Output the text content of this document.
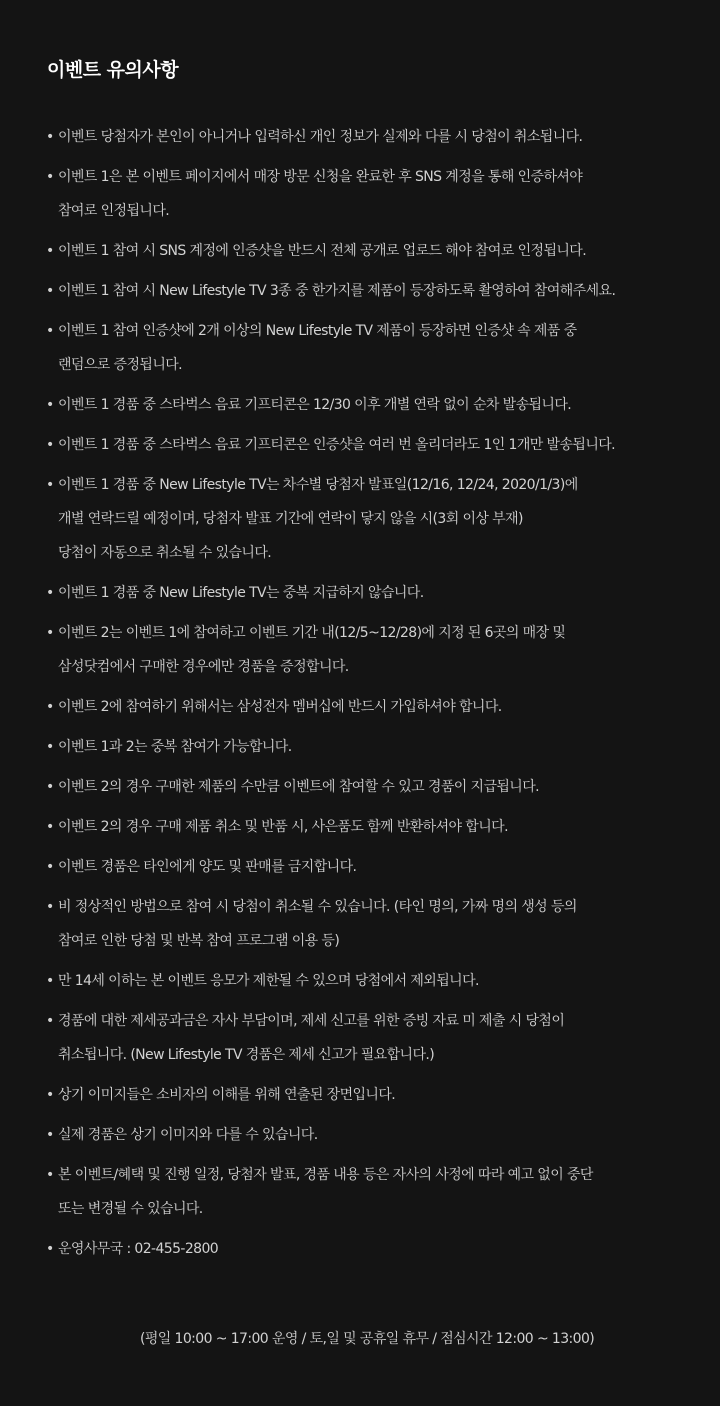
이벤트 유의사항
• 이벤트 당첨자가 본인이 아니거나 입력하신 개인 정보가 실제와 다를 시 당첨이 취소됩니다.
• 이벤트 1은 본 이벤트 페이지에서 매장 방문 신청을 완료한 후 SNS 계정을 통해 인증하셔야
참여로 인정됩니다.
• 이벤트 1 참여 시 SNS 계정에 인증샷을 반드시 전체 공개로 업로드 해야 참여로 인정됩니다.
• 이벤트 1 참여 시 New Lifestyle TV 3종 중 한가지를 제품이 등장하도록 촬영하여 참여해주세요.
• 이벤트 1 참여 인증샷에 2개 이상의 New Lifestyle TV 제품이 등장하면 인증샷 속 제품 중
랜덤으로 증정됩니다.
• 이벤트 1 경품 중 스타벅스 음료 기프티콘은 12/30 이후 개별 연락 없이 순차 발송됩니다.
• 이벤트 1 경품 중 스타벅스 음료 기프티콘은 인증샷을 여러 번 올리더라도 1인 1개만 발송됩니다.
• 이벤트 1 경품 중 New Lifestyle TV는 차수별 당첨자 발표일(12/16, 12/24, 2020/1/3)에
개별 연락드릴 예정이며, 당첨자 발표 기간에 연락이 닿지 않을 시(3회 이상 부재)
당첨이 자동으로 취소될 수 있습니다.
• 이벤트 1 경품 중 New Lifestyle TV는 중복 지급하지 않습니다.
• 이벤트 2는 이벤트 1에 참여하고 이벤트 기간 내(12/5~12/28)에 지정 된 6곳의 매장 및
삼성닷컴에서 구매한 경우에만 경품을 증정합니다.
• 이벤트 2에 참여하기 위해서는 삼성전자 멤버십에 반드시 가입하셔야 합니다.
• 이벤트 1과 2는 중복 참여가 가능합니다.
• 이벤트 2의 경우 구매한 제품의 수만큼 이벤트에 참여할 수 있고 경품이 지급됩니다.
• 이벤트 2의 경우 구매 제품 취소 및 반품 시, 사은품도 함께 반환하셔야 합니다.
• 이벤트 경품은 타인에게 양도 및 판매를 금지합니다.
• 비 정상적인 방법으로 참여 시 당첨이 취소될 수 있습니다. (타인 명의, 가짜 명의 생성 등의
참여로 인한 당첨 및 반복 참여 프로그램 이용 등)
• 만 14세 이하는 본 이벤트 응모가 제한될 수 있으며 당첨에서 제외됩니다.
• 경품에 대한 제세공과금은 자사 부담이며, 제세 신고를 위한 증빙 자료 미 제출 시 당첨이
취소됩니다. (New Lifestyle TV 경품은 제세 신고가 필요합니다.)
• 상기 이미지들은 소비자의 이해를 위해 연출된 장면입니다.
• 실제 경품은 상기 이미지와 다를 수 있습니다.
• 본 이벤트/혜택 및 진행 일정, 당첨자 발표, 경품 내용 등은 자사의 사정에 따라 예고 없이 중단
또는 변경될 수 있습니다.
• 운영사무국 : 02-455-2800
(평일 10:00 ~ 17:00 운영 / 토,일 및 공휴일 휴무 / 점심시간 12:00 ~ 13:00)
